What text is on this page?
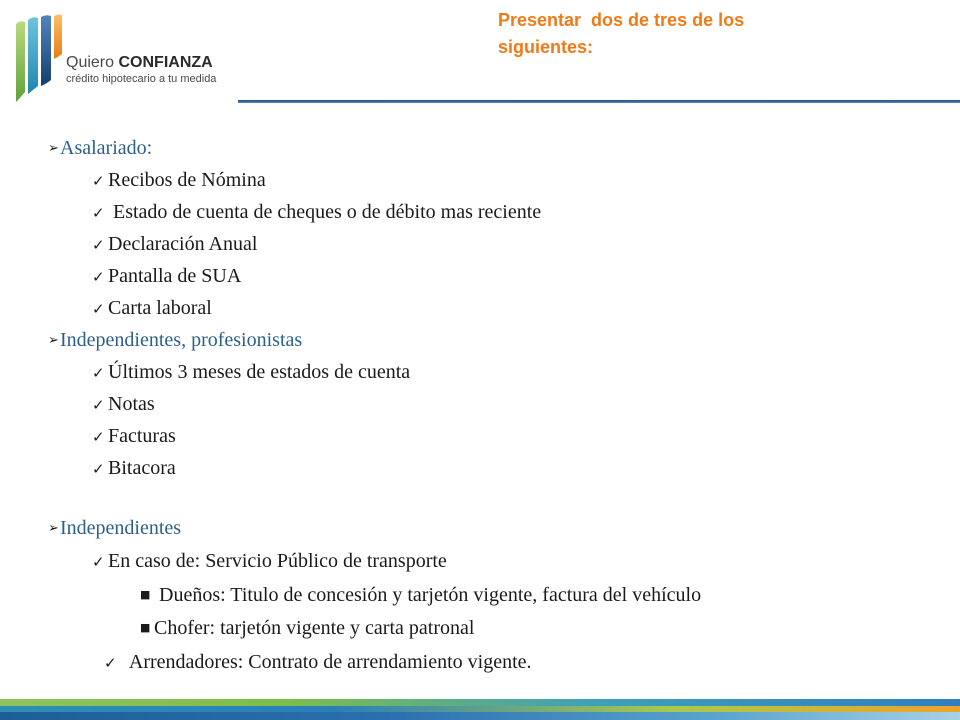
Quiero CONFIANZA
crédito hipotecario a tu medida
Presentar  dos de tres de los
siguientes:
➢Asalariado:
✓ Recibos de Nómina
✓ Estado de cuenta de cheques o de débito mas reciente
✓ Declaración Anual
✓ Pantalla de SUA
✓ Carta laboral
➢Independientes, profesionistas
✓ Últimos 3 meses de estados de cuenta
✓ Notas
✓ Facturas
✓ Bitacora
➢Independientes
✓ En caso de: Servicio Público de transporte
■ Dueños: Titulo de concesión y tarjetón vigente, factura del vehículo
■ Chofer: tarjetón vigente y carta patronal
✓  Arrendadores: Contrato de arrendamiento vigente.
